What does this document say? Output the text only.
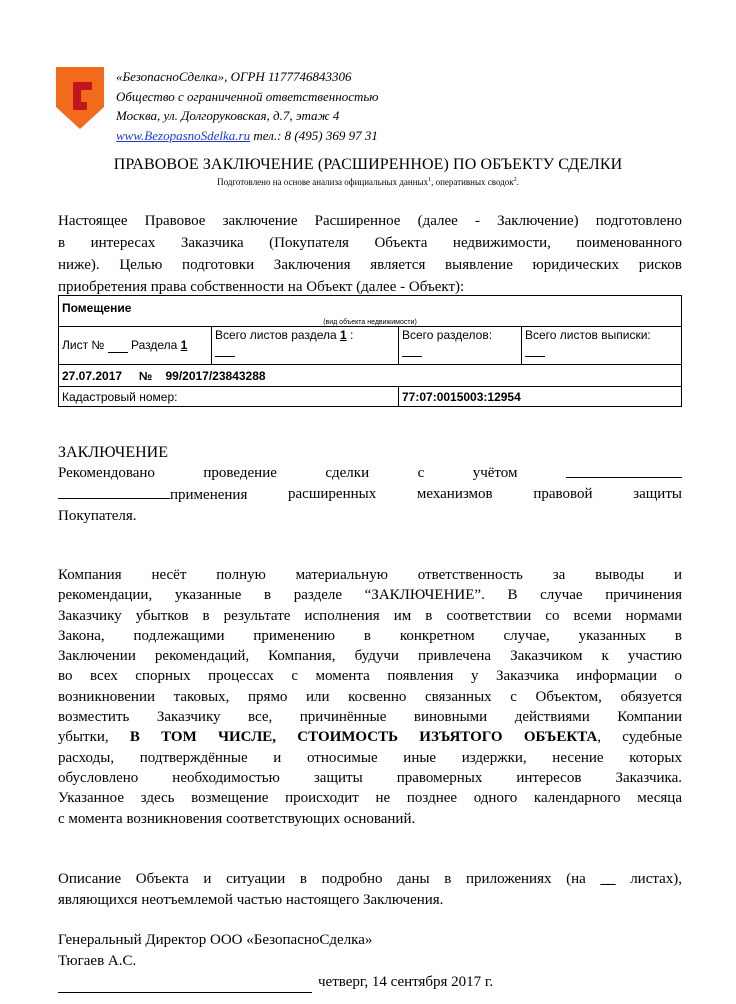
«БезопасноСделка», ОГРН 1177746843306
Общество с ограниченной ответственностью
Москва, ул. Долгоруковская, д.7, этаж 4
www.BezopasnoSdelka.ru тел.: 8 (495) 369 97 31
ПРАВОВОЕ ЗАКЛЮЧЕНИЕ (РАСШИРЕННОЕ) ПО ОБЪЕКТУ СДЕЛКИ
Подготовлено на основе анализа официальных данных$^1$, оперативных сводок$^2$.
Настоящее Правовое заключение Расширенное (далее - Заключение) подготовлено
в интересах Заказчика (Покупателя Объекта недвижимости, поименованного
ниже). Целью подготовки Заключения является выявление юридических рисков
приобретения права собственности на Объект (далее - Объект):
Помещение
(вид объекта недвижимости)			

Лист № Раздела 1	Всего листов раздела 1 :	Всего разделов:	Всего листов выписки:

27.07.2017 № 99/2017/23843288			
Кадастровый номер:		77:07:0015003:12954	
ЗАКЛЮЧЕНИЕ
Рекомендовано	проведение	сделки	с	учётом
применения	расширенных	механизмов	правовой	защиты
Покупателя.
Компания несёт полную материальную ответственность за выводы и
рекомендации, указанные в разделе “ЗАКЛЮЧЕНИЕ”. В случае причинения
Заказчику убытков в результате исполнения им в соответствии со всеми нормами
Закона, подлежащими применению в конкретном случае, указанных в
Заключении рекомендаций, Компания, будучи привлечена Заказчиком к участию
во всех спорных процессах с момента появления у Заказчика информации о
возникновении таковых, прямо или косвенно связанных с Объектом, обязуется
возместить Заказчику все, причинённые виновными действиями Компании
убытки, В ТОМ ЧИСЛЕ, СТОИМОСТЬ ИЗЪЯТОГО ОБЪЕКТА, судебные
расходы, подтверждённые и относимые иные издержки, несение которых
обусловлено необходимостью защиты правомерных интересов Заказчика.
Указанное здесь возмещение происходит не позднее одного календарного месяца
с момента возникновения соответствующих оснований.
Описание Объекта и ситуации в подробно даны в приложениях (на __ листах),
являющихся неотъемлемой частью настоящего Заключения.
Генеральный Директор ООО «БезопасноСделка»
Тюгаев А.С.
четверг, 14 сентября 2017 г.
